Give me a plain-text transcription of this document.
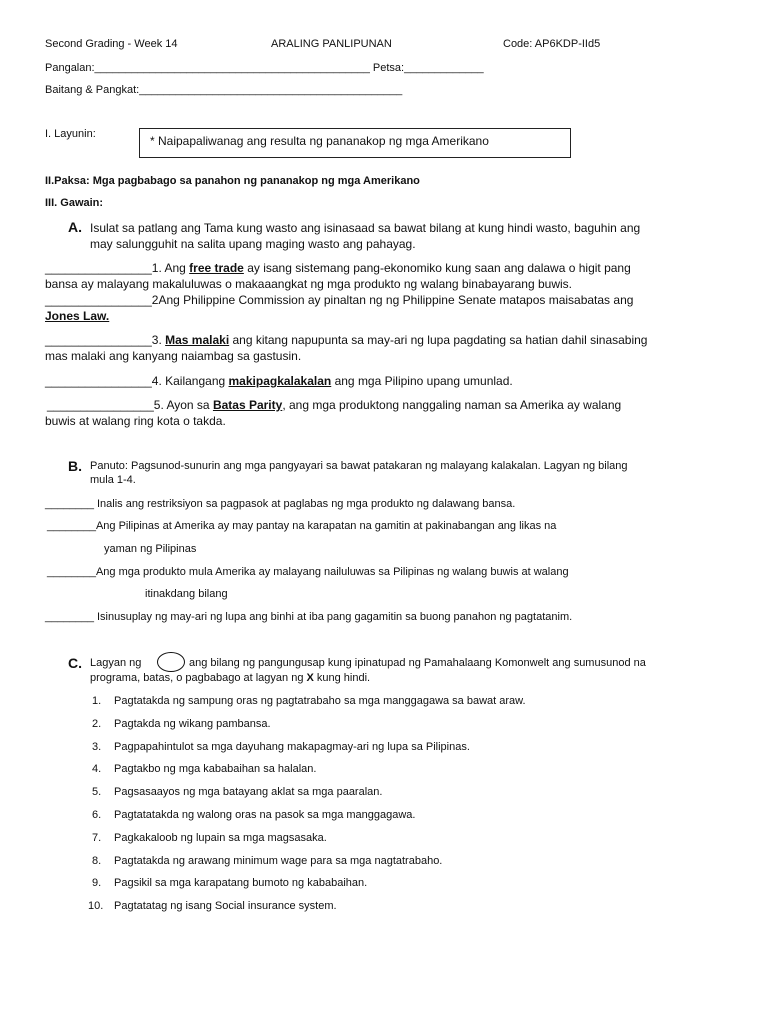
Second Grading - Week 14	ARALING PANLIPUNAN	Code: AP6KDP-IId5
Pangalan:_____________________________________________ Petsa:_____________
Baitang & Pangkat:___________________________________________
I. Layunin:	* Naipapaliwanag ang resulta ng pananakop ng mga Amerikano
II.Paksa: Mga pagbabago sa panahon ng pananakop ng mga Amerikano
III. Gawain:
A. Isulat sa patlang ang Tama kung wasto ang isinasaad sa bawat bilang at kung hindi wasto, baguhin ang
may salungguhit na salita upang maging wasto ang pahayag.
________________1. Ang free trade ay isang sistemang pang-ekonomiko kung saan ang dalawa o higit pang
bansa ay malayang makaluluwas o makaaangkat ng mga produkto ng walang binabayarang buwis.
________________2Ang Philippine Commission ay pinaltan ng ng Philippine Senate matapos maisabatas ang
Jones Law.
________________3. Mas malaki ang kitang napupunta sa may-ari ng lupa pagdating sa hatian dahil sinasabing
mas malaki ang kanyang naiambag sa gastusin.
________________4. Kailangang makipagkalakalan ang mga Pilipino upang umunlad.
________________5. Ayon sa Batas Parity, ang mga produktong nanggaling naman sa Amerika ay walang
buwis at walang ring kota o takda.
B. Panuto: Pagsunod-sunurin ang mga pangyayari sa bawat patakaran ng malayang kalakalan. Lagyan ng bilang
mula 1-4.
________ Inalis ang restriksiyon sa pagpasok at paglabas ng mga produkto ng dalawang bansa.
________Ang Pilipinas at Amerika ay may pantay na karapatan na gamitin at pakinabangan ang likas na
yaman ng Pilipinas
________Ang mga produkto mula Amerika ay malayang nailuluwas sa Pilipinas ng walang buwis at walang
itinakdang bilang
________ Isinusuplay ng may-ari ng lupa ang binhi at iba pang gagamitin sa buong panahon ng pagtatanim.
C. Lagyan ng	ang bilang ng pangungusap kung ipinatupad ng Pamahalaang Komonwelt ang sumusunod na
programa, batas, o pagbabago at lagyan ng X kung hindi.
1. Pagtatakda ng sampung oras ng pagtatrabaho sa mga manggagawa sa bawat araw.
2. Pagtakda ng wikang pambansa.
3. Pagpapahintulot sa mga dayuhang makapagmay-ari ng lupa sa Pilipinas.
4. Pagtakbo ng mga kababaihan sa halalan.
5. Pagsasaayos ng mga batayang aklat sa mga paaralan.
6. Pagtatatakda ng walong oras na pasok sa mga manggagawa.
7. Pagkakaloob ng lupain sa mga magsasaka.
8. Pagtatakda ng arawang minimum wage para sa mga nagtatrabaho.
9. Pagsikil sa mga karapatang bumoto ng kababaihan.
10. Pagtatatag ng isang Social insurance system.
